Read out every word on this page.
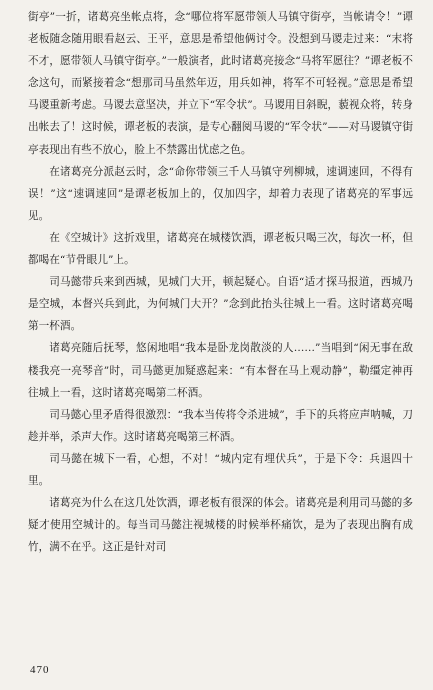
街亭”一折，诸葛亮坐帐点将，念“哪位将军愿带领人马镇守街亭，当帐请令！”谭老板随念随用眼看赵云、王平，意思是希望他俩讨令。没想到马谡走过来：“末将不才，愿带领人马镇守街亭。”一般演者，此时诸葛亮接念“马将军愿往？”谭老板不念这句，而紧接着念“想那司马虽然年迈，用兵如神，将军不可轻视。”意思是希望马谡重新考虑。马谡去意坚决，并立下“军令状”。马谡用目斜睨，藐视众将，转身出帐去了！这时候，谭老板的表演，是专心翻阅马谡的“军令状”——对马谡镇守街亭表现出有些不放心，脸上不禁露出忧虑之色。

在诸葛亮分派赵云时，念“命你带领三千人马镇守列柳城，速调速回，不得有误！”这“速调速回”是谭老板加上的，仅加四字，却着力表现了诸葛亮的军事远见。

在《空城计》这折戏里，诸葛亮在城楼饮酒，谭老板只喝三次，每次一杯，但都喝在“节骨眼儿”上。

司马懿带兵来到西城，见城门大开，顿起疑心。自语“适才探马报道，西城乃是空城，本督兴兵到此，为何城门大开？”念到此抬头往城上一看。这时诸葛亮喝第一杯酒。

诸葛亮随后抚琴，悠闲地唱“我本是卧龙岗散淡的人……”当唱到“闲无事在敌楼我亮一亮琴音”时，司马懿更加疑惑起来：“有本督在马上观动静”，勒缰定神再往城上一看，这时诸葛亮喝第二杯酒。

司马懿心里矛盾得很激烈：“我本当传将令杀进城”，手下的兵将应声呐喊，刀趁并举，杀声大作。这时诸葛亮喝第三杯酒。

司马懿在城下一看，心想，不对！“城内定有埋伏兵”，于是下令：兵退四十里。

诸葛亮为什么在这几处饮酒，谭老板有很深的体会。诸葛亮是利用司马懿的多疑才使用空城计的。每当司马懿注视城楼的时候举杯痛饮，是为了表现出胸有成竹，满不在乎。这正是针对司

470
